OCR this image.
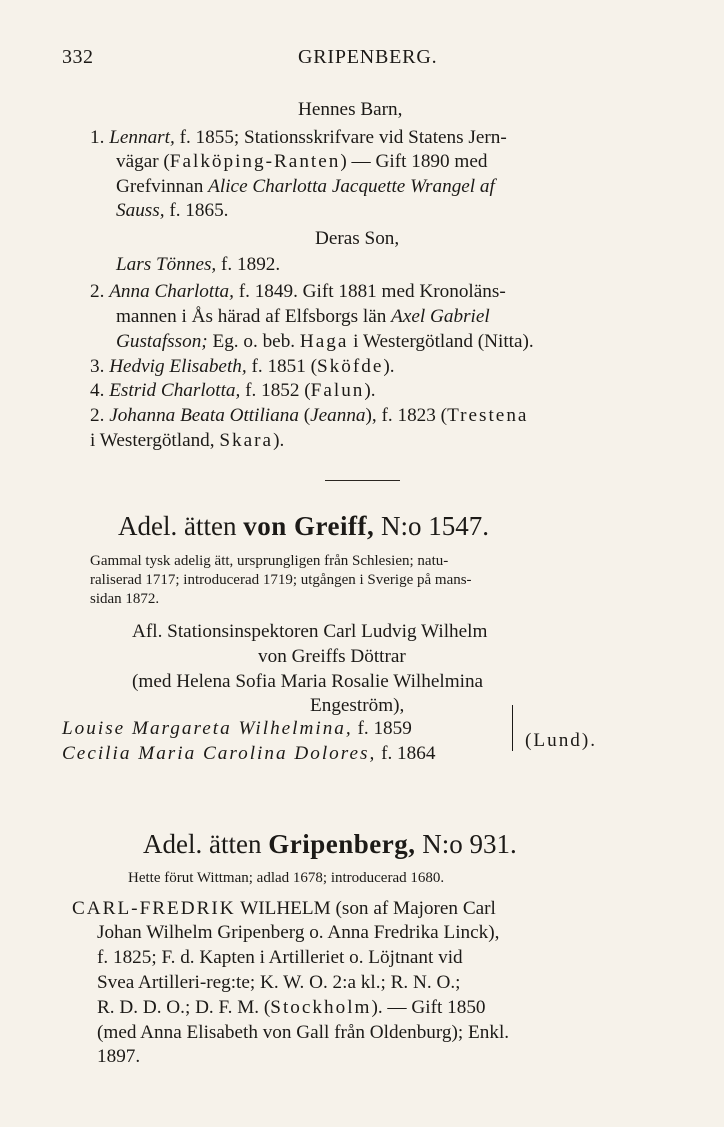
332	GRIPENBERG.
Hennes Barn,
1. Lennart, f. 1855; Stationsskrifvare vid Statens Jern-
vägar (Falköping-Ranten) — Gift 1890 med
Grefvinnan Alice Charlotta Jacquette Wrangel af
Sauss, f. 1865.
Deras Son,
Lars Tönnes, f. 1892.
2. Anna Charlotta, f. 1849. Gift 1881 med Kronoläns-
mannen i Ås härad af Elfsborgs län Axel Gabriel
Gustafsson; Eg. o. beb. Haga i Westergötland (Nitta).
3. Hedvig Elisabeth, f. 1851 (Sköfde).
4. Estrid Charlotta, f. 1852 (Falun).
2. Johanna Beata Ottiliana (Jeanna), f. 1823 (Trestena
i Westergötland, Skara).
Adel. ätten von Greiff, N:o 1547.
Gammal tysk adelig ätt, ursprungligen från Schlesien; natu-
raliserad 1717; introducerad 1719; utgången i Sverige på mans-
sidan 1872.
Afl. Stationsinspektoren Carl Ludvig Wilhelm
von Greiffs Döttrar
(med Helena Sofia Maria Rosalie Wilhelmina
Engeström),
Louise Margareta Wilhelmina, f. 1859
Cecilia Maria Carolina Dolores, f. 1864
(Lund).
Adel. ätten Gripenberg, N:o 931.
Hette förut Wittman; adlad 1678; introducerad 1680.
CARL-FREDRIK WILHELM (son af Majoren Carl
Johan Wilhelm Gripenberg o. Anna Fredrika Linck),
f. 1825; F. d. Kapten i Artilleriet o. Löjtnant vid
Svea Artilleri-reg:te; K. W. O. 2:a kl.; R. N. O.;
R. D. D. O.; D. F. M. (Stockholm). — Gift 1850
(med Anna Elisabeth von Gall från Oldenburg); Enkl.
1897.
